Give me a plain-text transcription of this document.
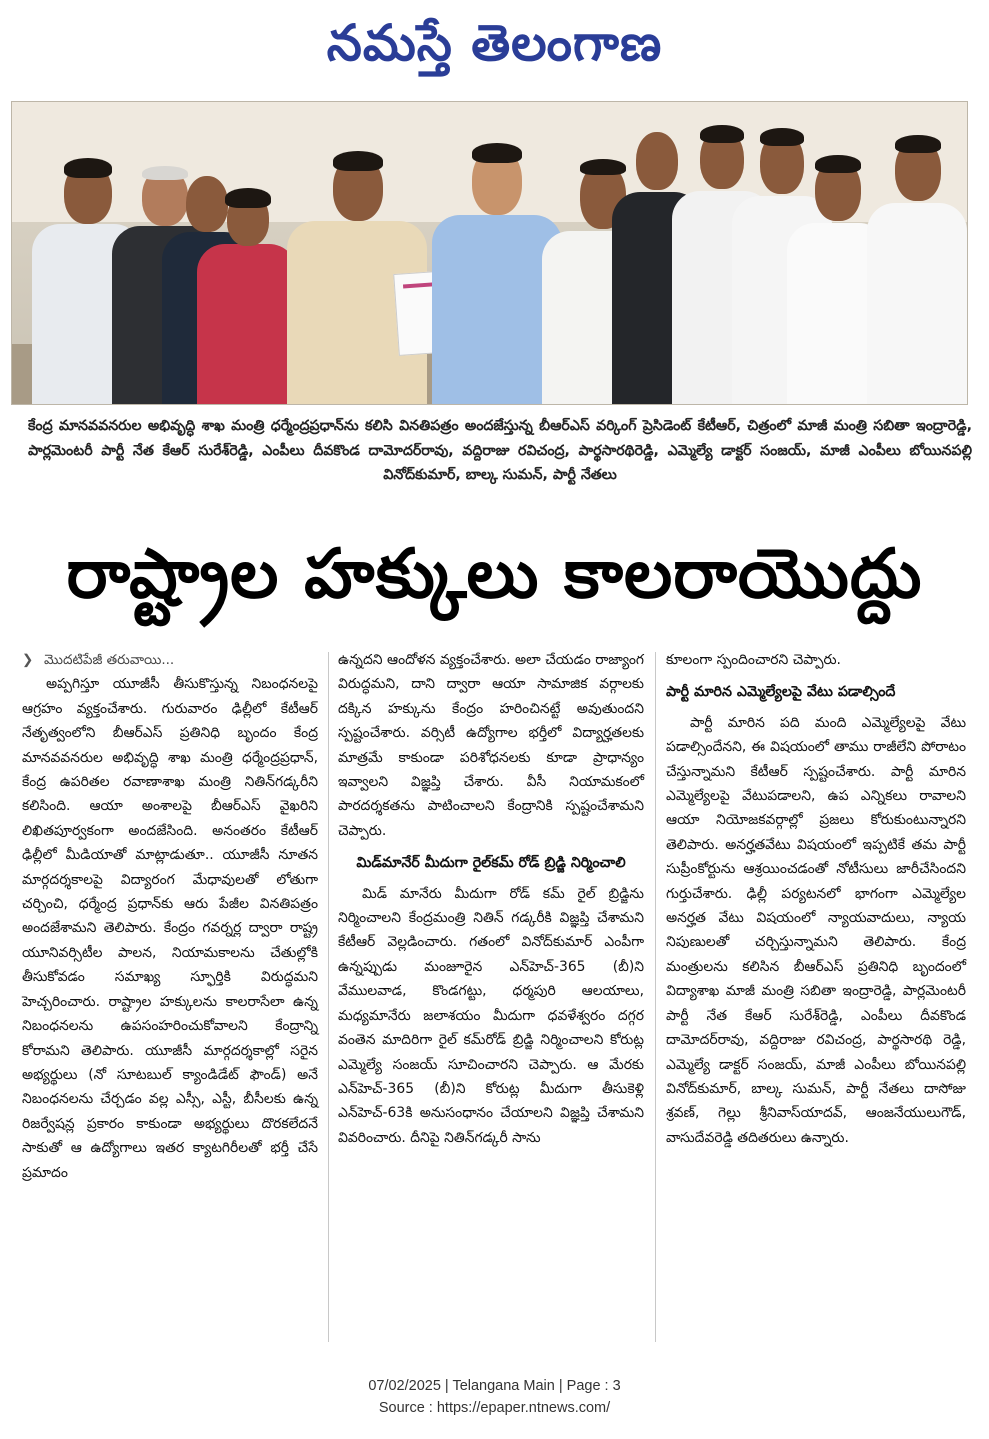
నమస్తే తెలంగాణ
కేంద్ర మానవవనరుల అభివృద్ధి శాఖ మంత్రి ధర్మేంద్రప్రధాన్‌ను కలిసి వినతిపత్రం అందజేస్తున్న బీఆర్‌ఎస్ వర్కింగ్ ప్రెసిడెంట్ కేటీఆర్, చిత్రంలో మాజీ మంత్రి సబితా ఇంద్రారెడ్డి, పార్లమెంటరీ పార్టీ నేత కేఆర్ సురేశ్‌రెడ్డి, ఎంపీలు దీవకొండ దామోదర్‌రావు, వద్దిరాజు రవిచంద్ర, పార్థసారథిరెడ్డి, ఎమ్మెల్యే డాక్టర్ సంజయ్, మాజీ ఎంపీలు బోయినపల్లి వినోద్‌కుమార్, బాల్క సుమన్, పార్టీ నేతలు
రాష్ట్రాల హక్కులు కాలరాయొద్దు

❯ మొదటిపేజీ తరువాయి...

అప్పగిస్తూ యూజీసీ తీసుకొస్తున్న నిబంధనలపై ఆగ్రహం వ్యక్తంచేశారు. గురువారం ఢిల్లీలో కేటీఆర్ నేతృత్వంలోని బీఆర్‌ఎస్ ప్రతినిధి బృందం కేంద్ర మానవవనరుల అభివృద్ధి శాఖ మంత్రి ధర్మేంద్రప్రధాన్, కేంద్ర ఉపరితల రవాణాశాఖ మంత్రి నితిన్‌గడ్కరీని కలిసింది. ఆయా అంశాలపై బీఆర్‌ఎస్ వైఖరిని లిఖితపూర్వకంగా అందజేసింది. అనంతరం కేటీఆర్ ఢిల్లీలో మీడియాతో మాట్లాడుతూ.. యూజీసీ నూతన మార్గదర్శకాలపై విద్యారంగ మేధావులతో లోతుగా చర్చించి, ధర్మేంద్ర ప్రధాన్‌కు ఆరు పేజీల వినతిపత్రం అందజేశామని తెలిపారు. కేంద్రం గవర్నర్ల ద్వారా రాష్ట్ర యూనివర్సిటీల పాలన, నియామకాలను చేతుల్లోకి తీసుకోవడం సమాఖ్య స్ఫూర్తికి విరుద్ధమని హెచ్చరించారు. రాష్ట్రాల హక్కులను కాలరాసేలా ఉన్న నిబంధనలను ఉపసంహరించుకోవాలని కేంద్రాన్ని కోరామని తెలిపారు. యూజీసీ మార్గదర్శకాల్లో సరైన అభ్యర్థులు (నో సూటబుల్ క్యాండిడేట్ ఫౌండ్) అనే నిబంధనలను చేర్చడం వల్ల ఎస్సీ, ఎస్టీ, బీసీలకు ఉన్న రిజర్వేషన్ల ప్రకారం కాకుండా అభ్యర్థులు దొరకలేదనే సాకుతో ఆ ఉద్యోగాలు ఇతర క్యాటగిరీలతో భర్తీ చేసే ప్రమాదం

ఉన్నదని ఆందోళన వ్యక్తంచేశారు. అలా చేయడం రాజ్యాంగ విరుద్ధమని, దాని ద్వారా ఆయా సామాజిక వర్గాలకు దక్కిన హక్కును కేంద్రం హరించినట్టే అవుతుందని స్పష్టంచేశారు. వర్సిటీ ఉద్యోగాల భర్తీలో విద్యార్హతలకు మాత్రమే కాకుండా పరిశోధనలకు కూడా ప్రాధాన్యం ఇవ్వాలని విజ్ఞప్తి చేశారు. వీసీ నియామకంలో పారదర్శకతను పాటించాలని కేంద్రానికి స్పష్టంచేశామని చెప్పారు.

మిడ్‌మానేర్ మీదుగా రైల్‌కమ్ రోడ్ బ్రిడ్జి నిర్మించాలి

మిడ్ మానేరు మీదుగా రోడ్ కమ్ రైల్ బ్రిడ్జిను నిర్మించాలని కేంద్రమంత్రి నితిన్ గడ్కరీకి విజ్ఞప్తి చేశామని కేటీఆర్ వెల్లడించారు. గతంలో వినోద్‌కుమార్ ఎంపీగా ఉన్నప్పుడు మంజూరైన ఎన్‌హెచ్-365 (బీ)ని వేములవాడ, కొండగట్టు, ధర్మపురి ఆలయాలు, మధ్యమానేరు జలాశయం మీదుగా ధవళేశ్వరం దగ్గర వంతెన మాదిరిగా రైల్ కమ్‌రోడ్ బ్రిడ్జి నిర్మించాలని కోరుట్ల ఎమ్మెల్యే సంజయ్ సూచించారని చెప్పారు. ఆ మేరకు ఎన్‌హెచ్-365 (బీ)ని కోరుట్ల మీదుగా తీసుకెళ్లి ఎన్‌హెచ్-63కి అనుసంధానం చేయాలని విజ్ఞప్తి చేశామని వివరించారు. దీనిపై నితిన్‌గడ్కరీ సాను

కూలంగా స్పందించారని చెప్పారు.

పార్టీ మారిన ఎమ్మెల్యేలపై వేటు పడాల్సిందే

పార్టీ మారిన పది మంది ఎమ్మెల్యేలపై వేటు పడాల్సిందేనని, ఈ విషయంలో తాము రాజీలేని పోరాటం చేస్తున్నామని కేటీఆర్ స్పష్టంచేశారు. పార్టీ మారిన ఎమ్మెల్యేలపై వేటుపడాలని, ఉప ఎన్నికలు రావాలని ఆయా నియోజకవర్గాల్లో ప్రజలు కోరుకుంటున్నారని తెలిపారు. అనర్హతవేటు విషయంలో ఇప్పటికే తమ పార్టీ సుప్రీంకోర్టును ఆశ్రయించడంతో నోటీసులు జారీచేసిందని గుర్తుచేశారు. ఢిల్లీ పర్యటనలో భాగంగా ఎమ్మెల్యేల అనర్హత వేటు విషయంలో న్యాయవాదులు, న్యాయ నిపుణులతో చర్చిస్తున్నామని తెలిపారు. కేంద్ర మంత్రులను కలిసిన బీఆర్‌ఎస్ ప్రతినిధి బృందంలో విద్యాశాఖ మాజీ మంత్రి సబితా ఇంద్రారెడ్డి, పార్లమెంటరీ పార్టీ నేత కేఆర్ సురేశ్‌రెడ్డి, ఎంపీలు దీవకొండ దామోదర్‌రావు, వద్దిరాజు రవిచంద్ర, పార్థసారథి రెడ్డి, ఎమ్మెల్యే డాక్టర్ సంజయ్, మాజీ ఎంపీలు బోయినపల్లి వినోద్‌కుమార్, బాల్క సుమన్, పార్టీ నేతలు దాసోజు శ్రవణ్, గెల్లు శ్రీనివాస్‌యాదవ్, ఆంజనేయులుగౌడ్, వాసుదేవరెడ్డి తదితరులు ఉన్నారు.

07/02/2025 | Telangana Main | Page : 3
Source : https://epaper.ntnews.com/
